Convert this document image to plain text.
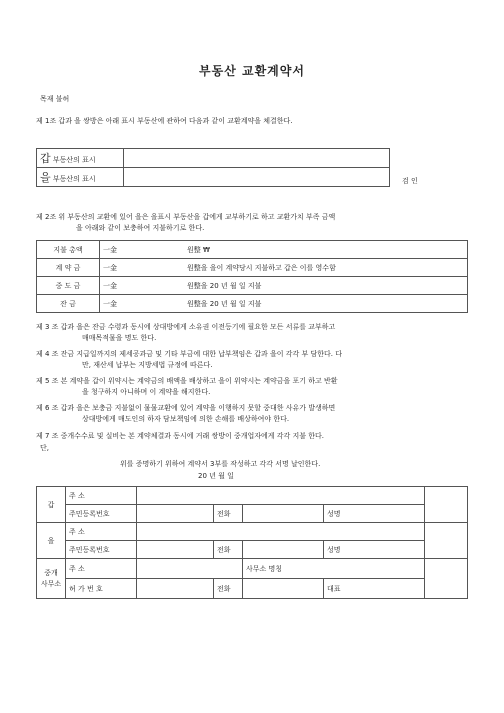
부동산 교환계약서
목재 불허
제 1조 갑과 을 쌍방은 아래 표시 부동산에 관하여 다음과 같이 교환계약을 체결한다.
갑 부동산의 표시	
을 부동산의 표시		검 인
제 2조 위 부동산의 교환에 있어 을은 을표시 부동산을 갑에게 교부하기로 하고 교환가치 부족 금액
을 아래와 같이 보충하여 지불하기로 한다.
지불 총액	一金	원整 ₩
계 약 금	一金	원整을 을이 계약당시 지불하고 갑은 이를 영수함
중 도 금	一金	원整을 20 년 월 일 지불
잔 금	一金	원整을 20 년 월 일 지불
제 3 조 갑과 을은 잔금 수령과 동시에 상대방에게 소유권 이전등기에 필요한 모든 서류를 교부하고
매매목적물을 명도 한다.
제 4 조 잔금 지급일까지의 제세공과금 및 기타 부금에 대한 납부책임은 갑과 을이 각각 부 담한다. 다
만, 재산세 납부는 지방세법 규정에 따른다.
제 5 조 본 계약을 갑이 위약시는 계약금의 배액을 배상하고 을이 위약시는 계약금을 포기 하고 반환
을 청구하지 아니하며 이 계약을 해지한다.
제 6 조 갑과 을은 보충금 지불없이 물물교환에 있어 계약을 이행하지 못할 중대한 사유가 발생하면
상대방에게 매도인의 하자 담보책임에 의한 손해를 배상하여야 한다.
제 7 조 중개수수료 및 실비는 본 계약체결과 동시에 거래 쌍방이 중개업자에게 각각 지불 한다.
단,
위를 증명하기 위하여 계약서 3부를 작성하고 각각 서명 날인한다.
20 년 월 일
갑	주 소					
	주민등록번호		전화		성명	
을	주 소					
	주민등록번호		전화		성명	

중개
사무소	주 소			사무소 명칭		
	허 가 번 호		전화		대표	
